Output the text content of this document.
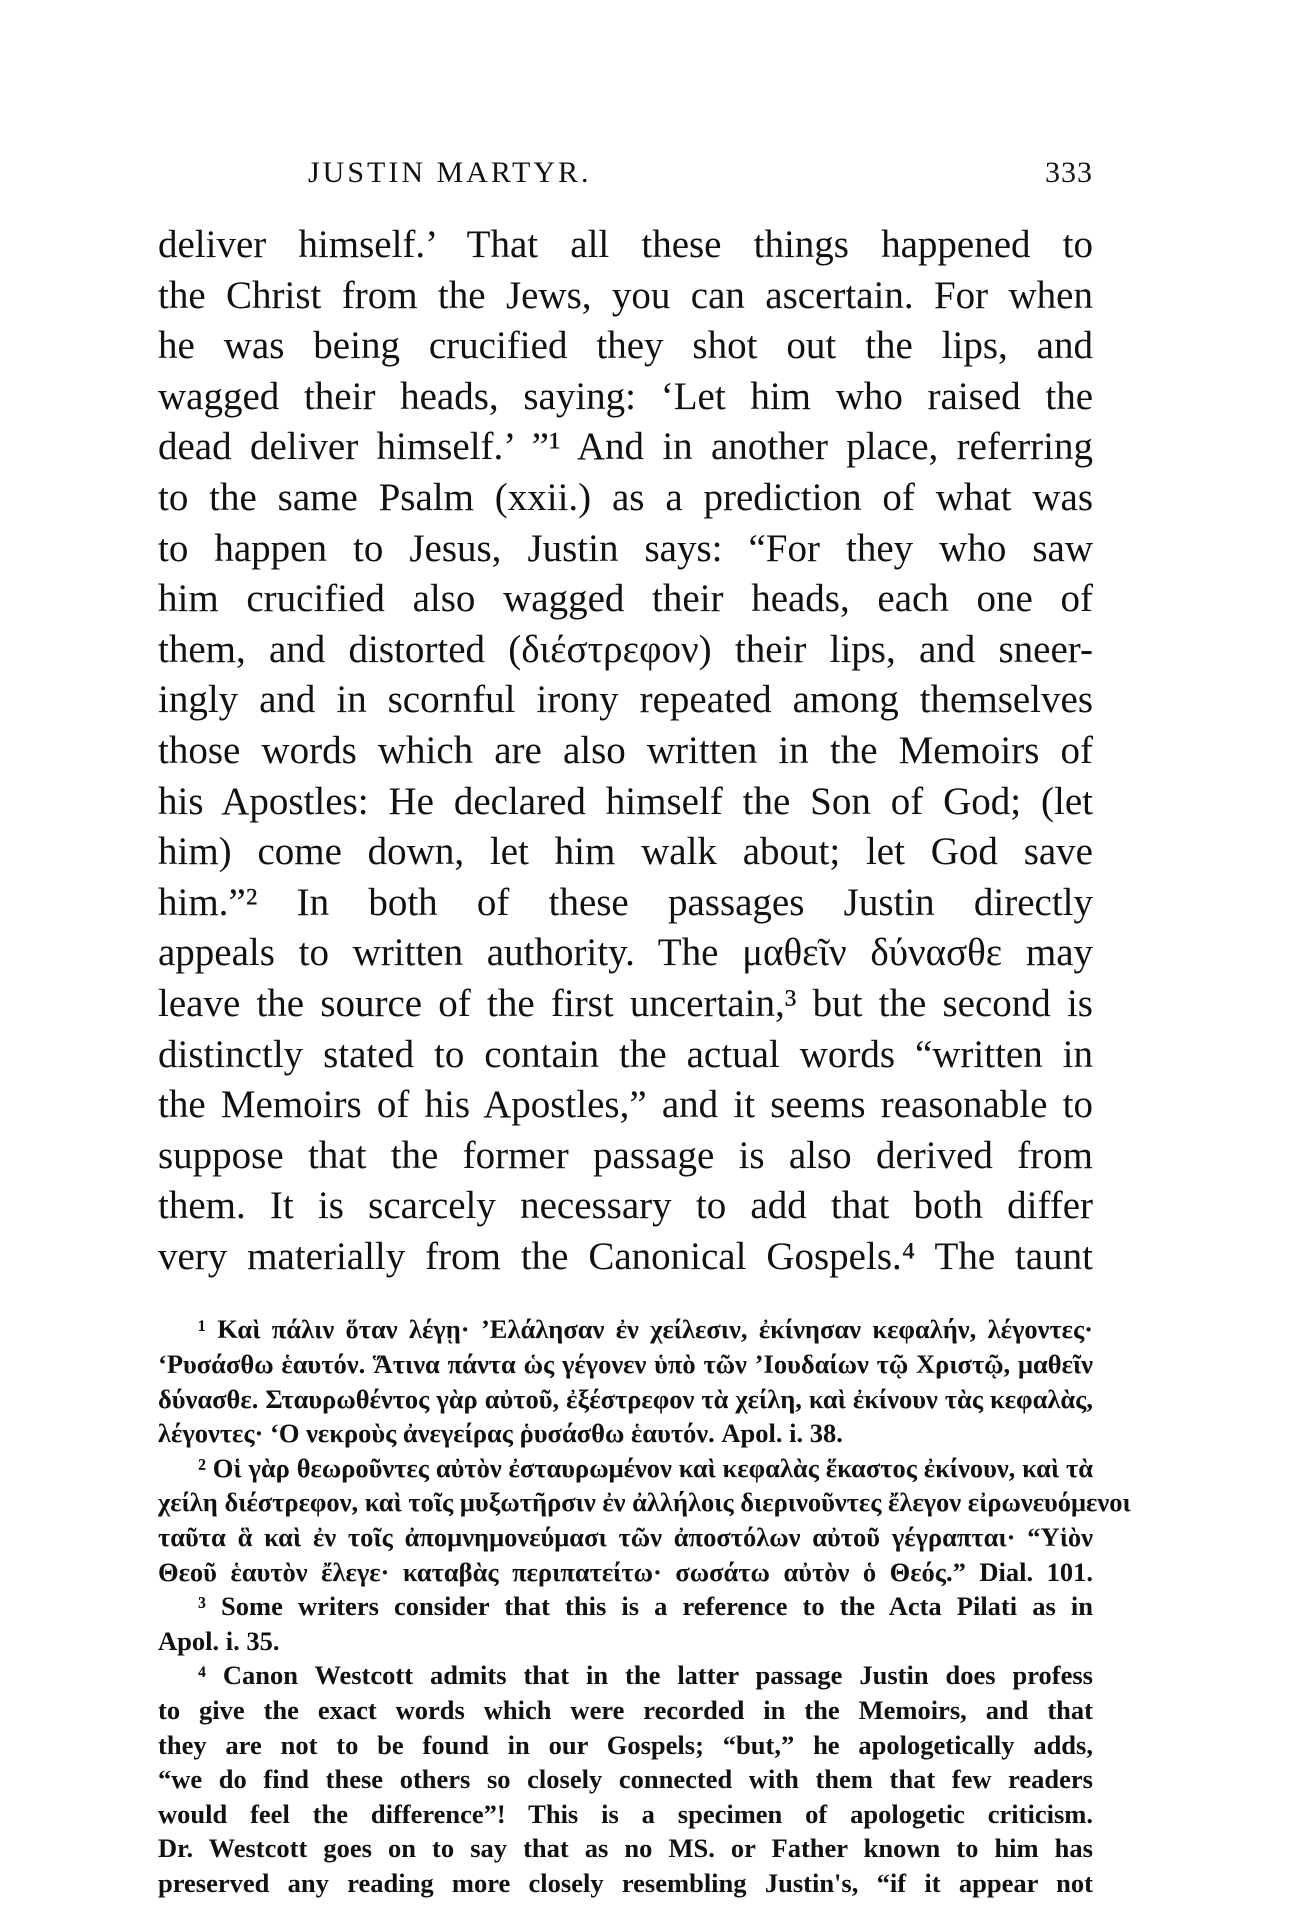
JUSTIN MARTYR.	333
deliver himself.’ That all these things happened to
the Christ from the Jews, you can ascertain. For when
he was being crucified they shot out the lips, and
wagged their heads, saying: ‘Let him who raised the
dead deliver himself.’ ”¹ And in another place, referring
to the same Psalm (xxii.) as a prediction of what was
to happen to Jesus, Justin says: “For they who saw
him crucified also wagged their heads, each one of
them, and distorted (διέστρεφον) their lips, and sneer-
ingly and in scornful irony repeated among themselves
those words which are also written in the Memoirs of
his Apostles: He declared himself the Son of God; (let
him) come down, let him walk about; let God save
him.”² In both of these passages Justin directly
appeals to written authority. The μαθεῖν δύνασθε may
leave the source of the first uncertain,³ but the second is
distinctly stated to contain the actual words “written in
the Memoirs of his Apostles,” and it seems reasonable to
suppose that the former passage is also derived from
them. It is scarcely necessary to add that both differ
very materially from the Canonical Gospels.⁴ The taunt
¹ Καὶ πάλιν ὅταν λέγῃ· ’Ελάλησαν ἐν χείλεσιν, ἐκίνησαν κεφαλήν, λέγοντες·
‘Ρυσάσθω ἑαυτόν. Ἅτινα πάντα ὡς γέγονεν ὑπὸ τῶν ’Ιουδαίων τῷ Χριστῷ, μαθεῖν
δύνασθε. Σταυρωθέντος γὰρ αὐτοῦ, ἐξέστρεφον τὰ χείλη, καὶ ἐκίνουν τὰς κεφαλὰς,
λέγοντες· ‘Ο νεκροὺς ἀνεγείρας ῥυσάσθω ἑαυτόν. Apol. i. 38.
² Οἱ γὰρ θεωροῦντες αὐτὸν ἐσταυρωμένον καὶ κεφαλὰς ἕκαστος ἐκίνουν, καὶ τὰ
χείλη διέστρεφον, καὶ τοῖς μυξωτῆρσιν ἐν ἀλλήλοις διερινοῦντες ἔλεγον εἰρωνευόμενοι
ταῦτα ἃ καὶ ἐν τοῖς ἀπομνημονεύμασι τῶν ἀποστόλων αὐτοῦ γέγραπται· “Υἱὸν
Θεοῦ ἑαυτὸν ἔλεγε· καταβὰς περιπατείτω· σωσάτω αὐτὸν ὁ Θεός.” Dial. 101.
³ Some writers consider that this is a reference to the Acta Pilati as in
Apol. i. 35.
⁴ Canon Westcott admits that in the latter passage Justin does profess
to give the exact words which were recorded in the Memoirs, and that
they are not to be found in our Gospels; “but,” he apologetically adds,
“we do find these others so closely connected with them that few readers
would feel the difference”! This is a specimen of apologetic criticism.
Dr. Westcott goes on to say that as no MS. or Father known to him has
preserved any reading more closely resembling Justin's, “if it appear not
